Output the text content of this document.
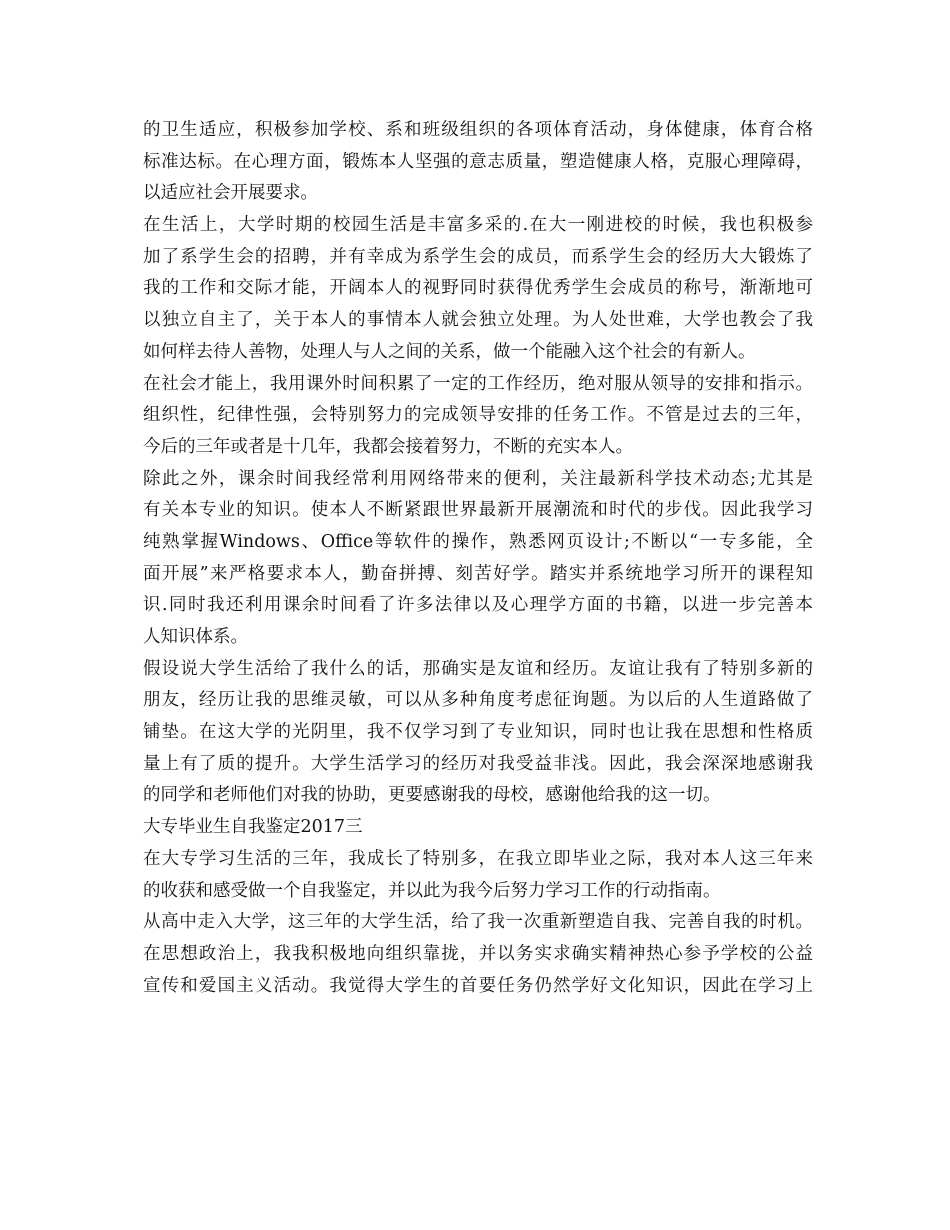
的卫生适应，积极参加学校、系和班级组织的各项体育活动，身体健康，体育合格
标准达标。在心理方面，锻炼本人坚强的意志质量，塑造健康人格，克服心理障碍，
以适应社会开展要求。
在生活上，大学时期的校园生活是丰富多采的.在大一刚进校的时候，我也积极参
加了系学生会的招聘，并有幸成为系学生会的成员，而系学生会的经历大大锻炼了
我的工作和交际才能，开阔本人的视野同时获得优秀学生会成员的称号，渐渐地可
以独立自主了，关于本人的事情本人就会独立处理。为人处世难，大学也教会了我
如何样去待人善物，处理人与人之间的关系，做一个能融入这个社会的有新人。
在社会才能上，我用课外时间积累了一定的工作经历，绝对服从领导的安排和指示。
组织性，纪律性强，会特别努力的完成领导安排的任务工作。不管是过去的三年，
今后的三年或者是十几年，我都会接着努力，不断的充实本人。
除此之外，课余时间我经常利用网络带来的便利，关注最新科学技术动态;尤其是
有关本专业的知识。使本人不断紧跟世界最新开展潮流和时代的步伐。因此我学习
纯熟掌握Windows、Office等软件的操作，熟悉网页设计;不断以“一专多能，全
面开展”来严格要求本人，勤奋拼搏、刻苦好学。踏实并系统地学习所开的课程知
识.同时我还利用课余时间看了许多法律以及心理学方面的书籍，以进一步完善本
人知识体系。
假设说大学生活给了我什么的话，那确实是友谊和经历。友谊让我有了特别多新的
朋友，经历让我的思维灵敏，可以从多种角度考虑征询题。为以后的人生道路做了
铺垫。在这大学的光阴里，我不仅学习到了专业知识，同时也让我在思想和性格质
量上有了质的提升。大学生活学习的经历对我受益非浅。因此，我会深深地感谢我
的同学和老师他们对我的协助，更要感谢我的母校，感谢他给我的这一切。
大专毕业生自我鉴定2017三
在大专学习生活的三年，我成长了特别多，在我立即毕业之际，我对本人这三年来
的收获和感受做一个自我鉴定，并以此为我今后努力学习工作的行动指南。
从高中走入大学，这三年的大学生活，给了我一次重新塑造自我、完善自我的时机。
在思想政治上，我我积极地向组织靠拢，并以务实求确实精神热心参予学校的公益
宣传和爱国主义活动。我觉得大学生的首要任务仍然学好文化知识，因此在学习上
